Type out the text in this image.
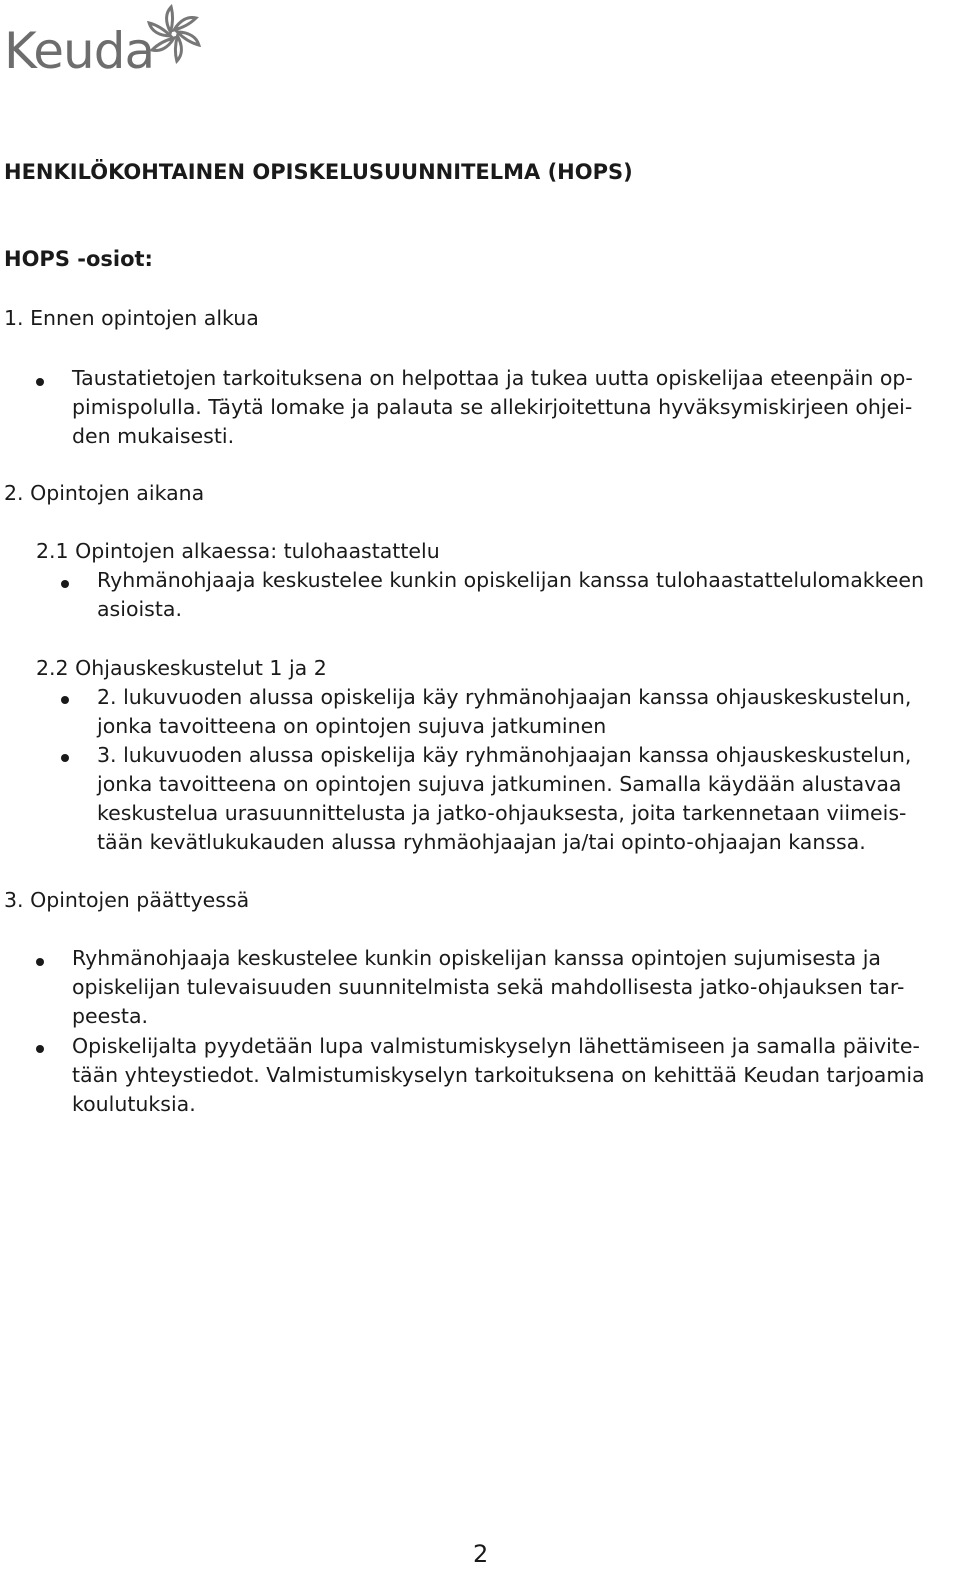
Keuda
HENKILÖKOHTAINEN OPISKELUSUUNNITELMA (HOPS)
HOPS -osiot:
1. Ennen opintojen alkua
Taustatietojen tarkoituksena on helpottaa ja tukea uutta opiskelijaa eteenpäin op-
pimispolulla. Täytä lomake ja palauta se allekirjoitettuna hyväksymiskirjeen ohjei-
den mukaisesti.
2. Opintojen aikana
2.1 Opintojen alkaessa: tulohaastattelu
Ryhmänohjaaja keskustelee kunkin opiskelijan kanssa tulohaastattelulomakkeen
asioista.
2.2 Ohjauskeskustelut 1 ja 2
2. lukuvuoden alussa opiskelija käy ryhmänohjaajan kanssa ohjauskeskustelun,
jonka tavoitteena on opintojen sujuva jatkuminen
3. lukuvuoden alussa opiskelija käy ryhmänohjaajan kanssa ohjauskeskustelun,
jonka tavoitteena on opintojen sujuva jatkuminen. Samalla käydään alustavaa
keskustelua urasuunnittelusta ja jatko-ohjauksesta, joita tarkennetaan viimeis-
tään kevätlukukauden alussa ryhmäohjaajan ja/tai opinto-ohjaajan kanssa.
3. Opintojen päättyessä
Ryhmänohjaaja keskustelee kunkin opiskelijan kanssa opintojen sujumisesta ja
opiskelijan tulevaisuuden suunnitelmista sekä mahdollisesta jatko-ohjauksen tar-
peesta.
Opiskelijalta pyydetään lupa valmistumiskyselyn lähettämiseen ja samalla päivite-
tään yhteystiedot. Valmistumiskyselyn tarkoituksena on kehittää Keudan tarjoamia
koulutuksia.
2
